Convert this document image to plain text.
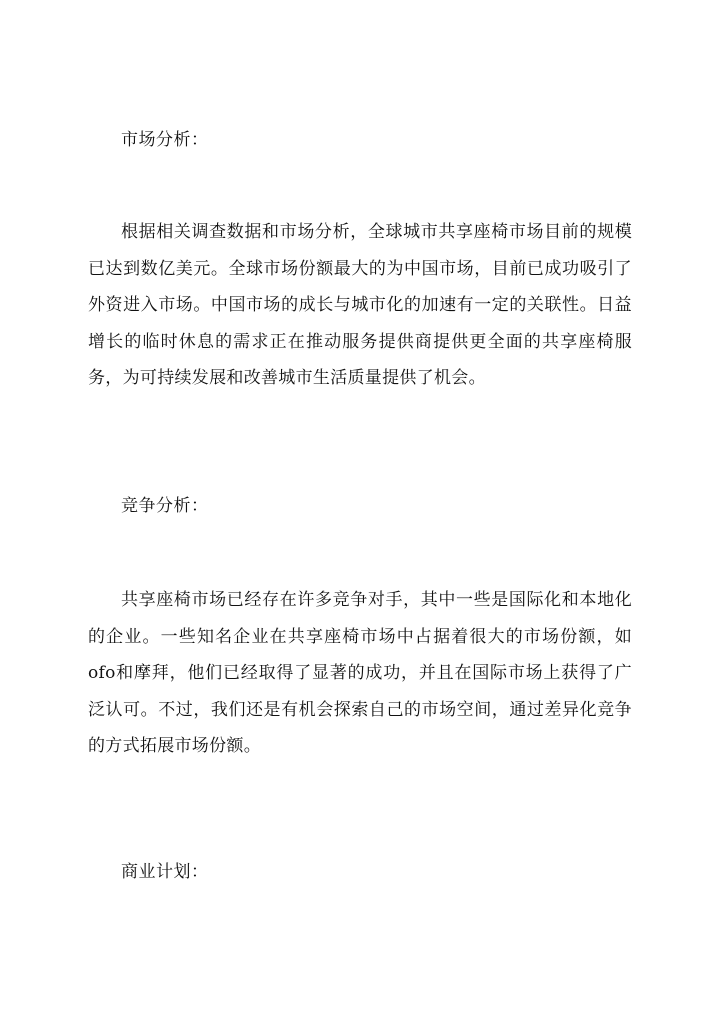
市场分析：
根据相关调查数据和市场分析，全球城市共享座椅市场目前的规模已达到数亿美元。全球市场份额最大的为中国市场，目前已成功吸引了外资进入市场。中国市场的成长与城市化的加速有一定的关联性。日益增长的临时休息的需求正在推动服务提供商提供更全面的共享座椅服务，为可持续发展和改善城市生活质量提供了机会。
竞争分析：
共享座椅市场已经存在许多竞争对手，其中一些是国际化和本地化的企业。一些知名企业在共享座椅市场中占据着很大的市场份额，如ofo和摩拜，他们已经取得了显著的成功，并且在国际市场上获得了广泛认可。不过，我们还是有机会探索自己的市场空间，通过差异化竞争的方式拓展市场份额。
商业计划：
